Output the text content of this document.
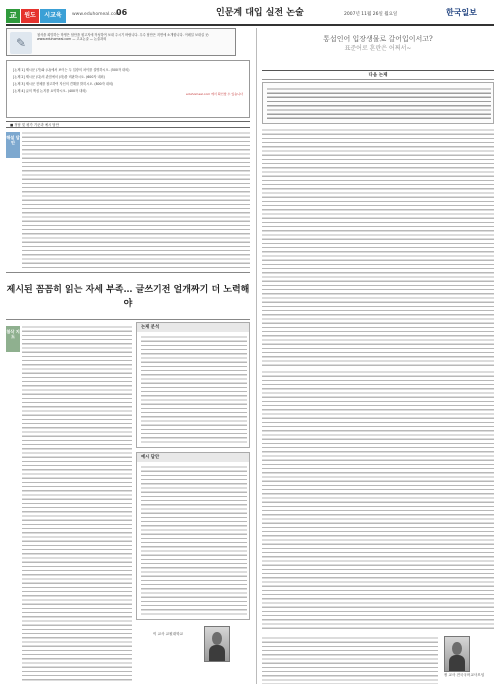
교	원도	시교육	www.eduhomeal.com
06	인문계 대입 실전 논술	2007년 11월 26일 월요일	한국일보
✎
첨삭을 희망하는 학생은 답안을 원고지에 작성하여 보내 주시기 바랍니다. 우수 답안은 지면에 소개합니다. 이메일 보내실 곳: www.eduhomeal.com — 고교논술 — 논술과외	통섭인어 입장생물로 갈어입이서고?
표준어로 혼란은 어쩌서~
[논제 1] 제시문 (가)와 (나)에서 보이는 두 입장의 차이를 설명하시오. (500자 내외)
[논제 2] 제시문 (다)의 관점에서 (라)를 비판하시오. (600자 내외)
[논제 3] 제시문 전체를 참고하여 자신의 견해를 밝히시오. (800자 내외)
[논제 4] 글의 핵심 논지를 요약하시오. (400자 내외)
eduhomeal.com 에서 확인할 수 있습니다
■ 정답 및 평가 기준과 예시 답안
해설 답안
다음 논제
제시된 꼼꼼히 읽는 자세 부족… 글쓰기전 얼개짜기 더 노력해야
첨삭 지도
논제 분석
예시 답안
이 교사 교원대학교
정 교사 전국국어교사모임
